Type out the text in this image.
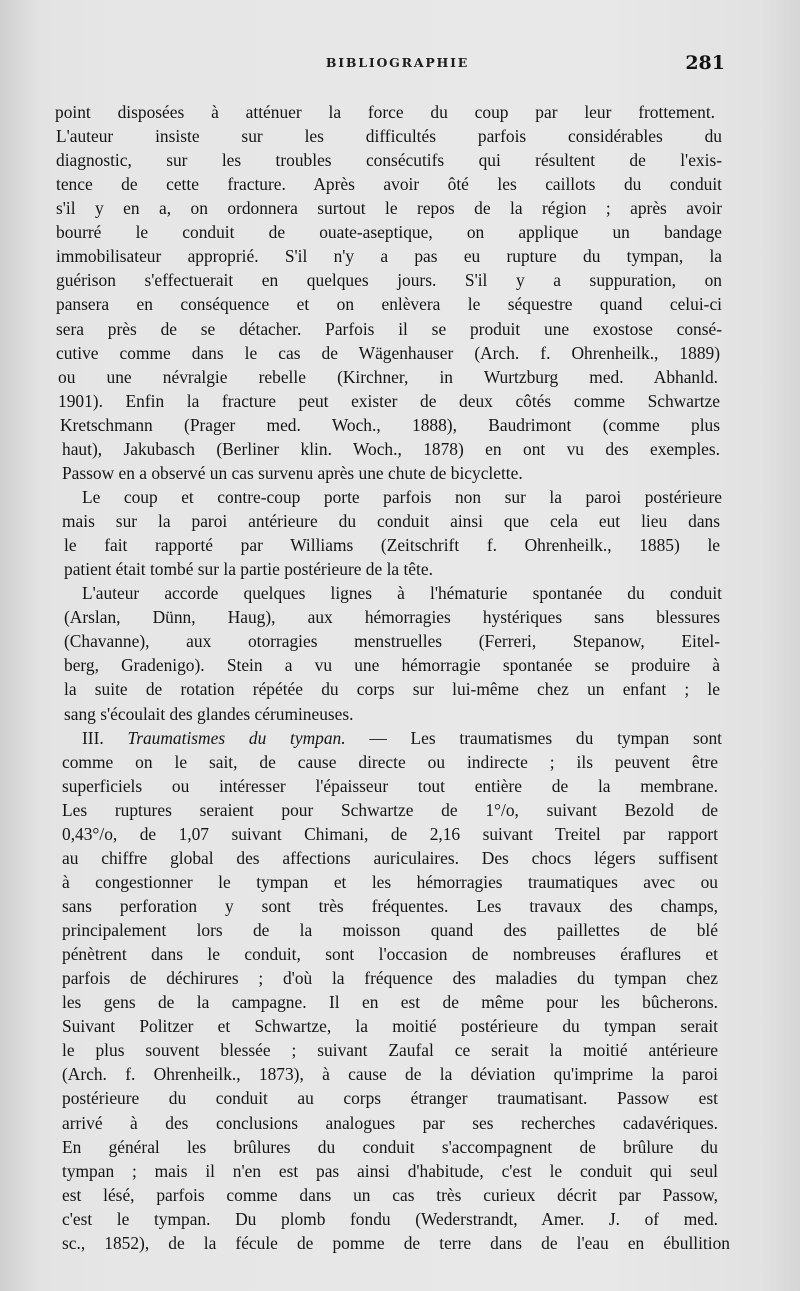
BIBLIOGRAPHIE	281
point disposées à atténuer la force du coup par leur frottement.
L'auteur insiste sur les difficultés parfois considérables du
diagnostic, sur les troubles consécutifs qui résultent de l'exis-
tence de cette fracture. Après avoir ôté les caillots du conduit
s'il y en a, on ordonnera surtout le repos de la région ; après avoir
bourré le conduit de ouate-aseptique, on applique un bandage
immobilisateur approprié. S'il n'y a pas eu rupture du tympan, la
guérison s'effectuerait en quelques jours. S'il y a suppuration, on
pansera en conséquence et on enlèvera le séquestre quand celui-ci
sera près de se détacher. Parfois il se produit une exostose consé-
cutive comme dans le cas de Wägenhauser (Arch. f. Ohrenheilk., 1889)
ou une névralgie rebelle (Kirchner, in Wurtzburg med. Abhanld.
1901). Enfin la fracture peut exister de deux côtés comme Schwartze
Kretschmann (Prager med. Woch., 1888), Baudrimont (comme plus
haut), Jakubasch (Berliner klin. Woch., 1878) en ont vu des exemples.
Passow en a observé un cas survenu après une chute de bicyclette.
Le coup et contre-coup porte parfois non sur la paroi postérieure
mais sur la paroi antérieure du conduit ainsi que cela eut lieu dans
le fait rapporté par Williams (Zeitschrift f. Ohrenheilk., 1885) le
patient était tombé sur la partie postérieure de la tête.
L'auteur accorde quelques lignes à l'hématurie spontanée du conduit
(Arslan, Dünn, Haug), aux hémorragies hystériques sans blessures
(Chavanne), aux otorragies menstruelles (Ferreri, Stepanow, Eitel-
berg, Gradenigo). Stein a vu une hémorragie spontanée se produire à
la suite de rotation répétée du corps sur lui-même chez un enfant ; le
sang s'écoulait des glandes cérumineuses.
III. Traumatismes du tympan. — Les traumatismes du tympan sont
comme on le sait, de cause directe ou indirecte ; ils peuvent être
superficiels ou intéresser l'épaisseur tout entière de la membrane.
Les ruptures seraient pour Schwartze de 1°/o, suivant Bezold de
0,43°/o, de 1,07 suivant Chimani, de 2,16 suivant Treitel par rapport
au chiffre global des affections auriculaires. Des chocs légers suffisent
à congestionner le tympan et les hémorragies traumatiques avec ou
sans perforation y sont très fréquentes. Les travaux des champs,
principalement lors de la moisson quand des paillettes de blé
pénètrent dans le conduit, sont l'occasion de nombreuses éraflures et
parfois de déchirures ; d'où la fréquence des maladies du tympan chez
les gens de la campagne. Il en est de même pour les bûcherons.
Suivant Politzer et Schwartze, la moitié postérieure du tympan serait
le plus souvent blessée ; suivant Zaufal ce serait la moitié antérieure
(Arch. f. Ohrenheilk., 1873), à cause de la déviation qu'imprime la paroi
postérieure du conduit au corps étranger traumatisant. Passow est
arrivé à des conclusions analogues par ses recherches cadavériques.
En général les brûlures du conduit s'accompagnent de brûlure du
tympan ; mais il n'en est pas ainsi d'habitude, c'est le conduit qui seul
est lésé, parfois comme dans un cas très curieux décrit par Passow,
c'est le tympan. Du plomb fondu (Wederstrandt, Amer. J. of med.
sc., 1852), de la fécule de pomme de terre dans de l'eau en ébullition
